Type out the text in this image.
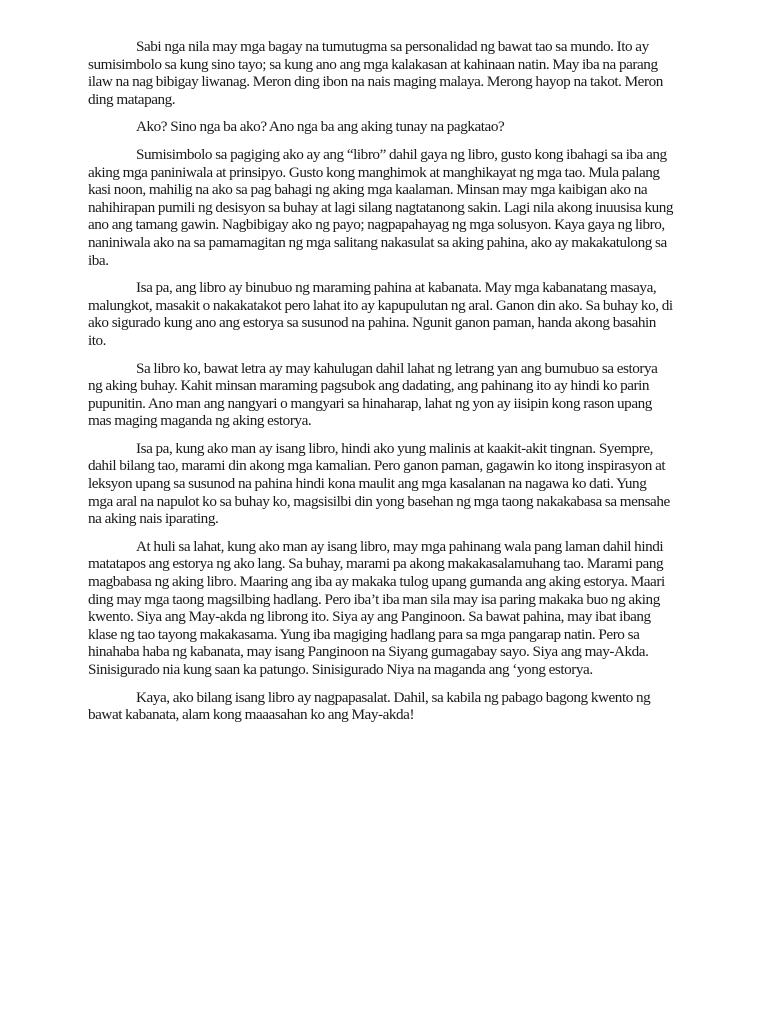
Sabi nga nila may mga bagay na tumutugma sa personalidad ng bawat tao sa mundo. Ito ay sumisimbolo sa kung sino tayo; sa kung ano ang mga kalakasan at kahinaan natin. May iba na parang ilaw na nag bibigay liwanag. Meron ding ibon na nais maging malaya. Merong hayop na takot. Meron ding matapang.

Ako? Sino nga ba ako? Ano nga ba ang aking tunay na pagkatao?

Sumisimbolo sa pagiging ako ay ang “libro” dahil gaya ng libro, gusto kong ibahagi sa iba ang aking mga paniniwala at prinsipyo. Gusto kong manghimok at manghikayat ng mga tao. Mula palang kasi noon, mahilig na ako sa pag bahagi ng aking mga kaalaman. Minsan may mga kaibigan ako na nahihirapan pumili ng desisyon sa buhay at lagi silang nagtatanong sakin. Lagi nila akong inuusisa kung ano ang tamang gawin. Nagbibigay ako ng payo; nagpapahayag ng mga solusyon. Kaya gaya ng libro, naniniwala ako na sa pamamagitan ng mga salitang nakasulat sa aking pahina, ako ay makakatulong sa iba.

Isa pa, ang libro ay binubuo ng maraming pahina at kabanata. May mga kabanatang masaya, malungkot, masakit o nakakatakot pero lahat ito ay kapupulutan ng aral. Ganon din ako. Sa buhay ko, di ako sigurado kung ano ang estorya sa susunod na pahina. Ngunit ganon paman, handa akong basahin ito.

Sa libro ko, bawat letra ay may kahulugan dahil lahat ng letrang yan ang bumubuo sa estorya ng aking buhay. Kahit minsan maraming pagsubok ang dadating, ang pahinang ito ay hindi ko parin pupunitin. Ano man ang nangyari o mangyari sa hinaharap, lahat ng yon ay iisipin kong rason upang mas maging maganda ng aking estorya.

Isa pa, kung ako man ay isang libro, hindi ako yung malinis at kaakit-akit tingnan. Syempre, dahil bilang tao, marami din akong mga kamalian. Pero ganon paman, gagawin ko itong inspirasyon at leksyon upang sa susunod na pahina hindi kona maulit ang mga kasalanan na nagawa ko dati. Yung mga aral na napulot ko sa buhay ko, magsisilbi din yong basehan ng mga taong nakakabasa sa mensahe na aking nais iparating.

At huli sa lahat, kung ako man ay isang libro, may mga pahinang wala pang laman dahil hindi matatapos ang estorya ng ako lang. Sa buhay, marami pa akong makakasalamuhang tao. Marami pang magbabasa ng aking libro. Maaring ang iba ay makaka tulog upang gumanda ang aking estorya. Maari ding may mga taong magsilbing hadlang. Pero iba’t iba man sila may isa paring makaka buo ng aking kwento. Siya ang May-akda ng librong ito. Siya ay ang Panginoon. Sa bawat pahina, may ibat ibang klase ng tao tayong makakasama. Yung iba magiging hadlang para sa mga pangarap natin. Pero sa hinahaba haba ng kabanata, may isang Panginoon na Siyang gumagabay sayo. Siya ang may-Akda. Sinisigurado nia kung saan ka patungo. Sinisigurado Niya na maganda ang ‘yong estorya.

Kaya, ako bilang isang libro ay nagpapasalat. Dahil, sa kabila ng pabago bagong kwento ng bawat kabanata, alam kong maaasahan ko ang May-akda!
